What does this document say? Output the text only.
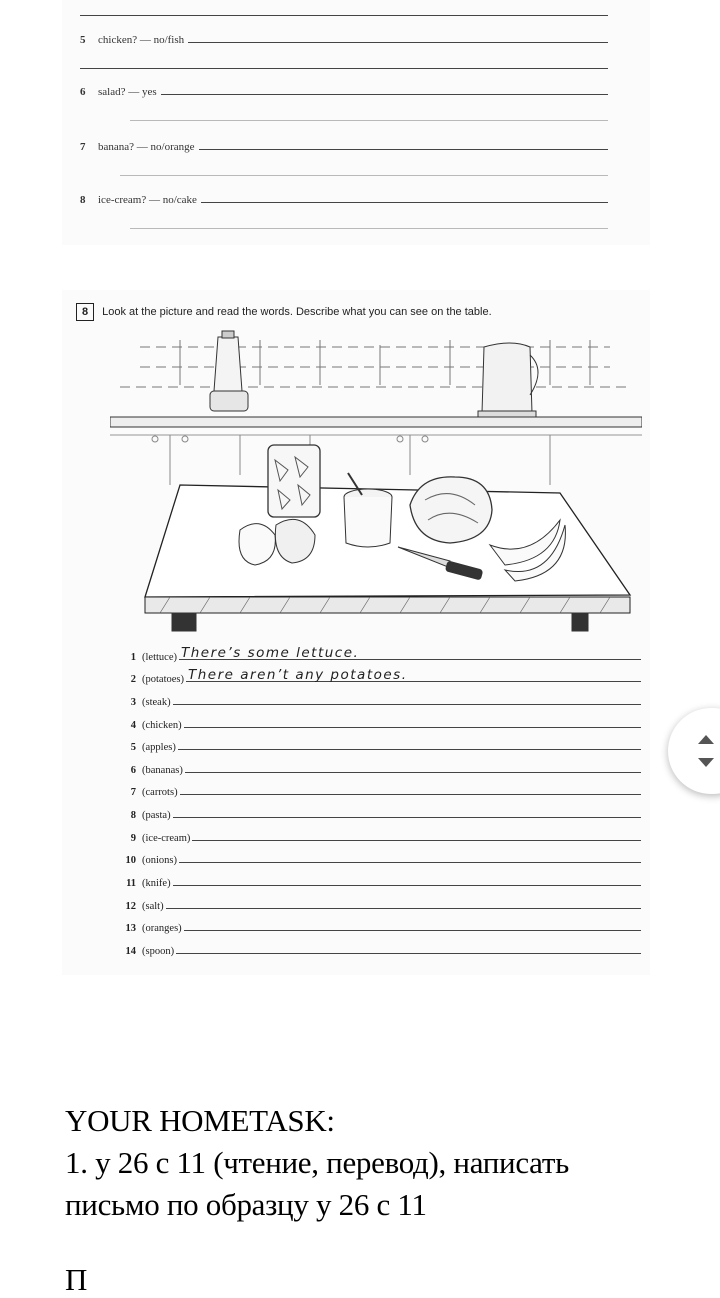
5	chicken? — no/fish
6	salad? — yes
7	banana? — no/orange
8	ice-cream? — no/cake
8	Look at the picture and read the words. Describe what you can see on the table.
1 (lettuce) There’s some lettuce.
2 (potatoes) There aren’t any potatoes.
3 (steak)
4 (chicken)
5 (apples)
6 (bananas)
7 (carrots)
8 (pasta)
9 (ice-cream)
10 (onions)
11 (knife)
12 (salt)
13 (oranges)
14 (spoon)
YOUR HOMETASK:
1. у 26 с 11 (чтение, перевод), написать
письмо по образцу у 26 с 11
П
